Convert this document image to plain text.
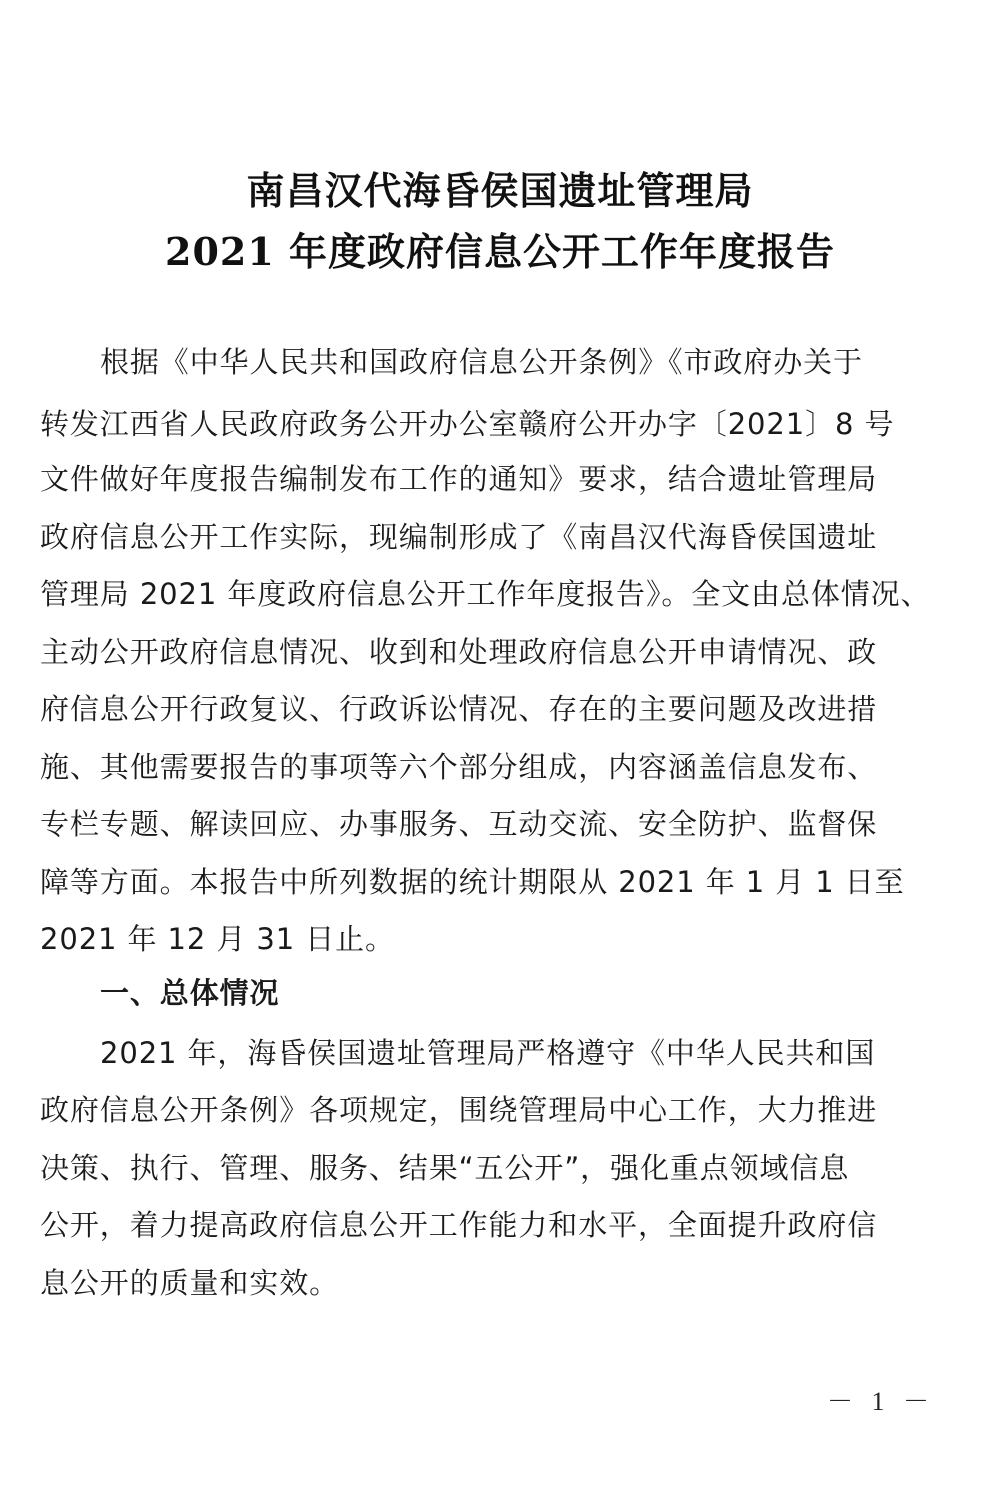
南昌汉代海昏侯国遗址管理局
2021 年度政府信息公开工作年度报告
根据《中华人民共和国政府信息公开条例》《市政府办关于
转发江西省人民政府政务公开办公室赣府公开办字〔2021〕8 号
文件做好年度报告编制发布工作的通知》要求，结合遗址管理局
政府信息公开工作实际，现编制形成了《南昌汉代海昏侯国遗址
管理局 2021 年度政府信息公开工作年度报告》。全文由总体情况、
主动公开政府信息情况、收到和处理政府信息公开申请情况、政
府信息公开行政复议、行政诉讼情况、存在的主要问题及改进措
施、其他需要报告的事项等六个部分组成，内容涵盖信息发布、
专栏专题、解读回应、办事服务、互动交流、安全防护、监督保
障等方面。本报告中所列数据的统计期限从 2021 年 1 月 1 日至
2021 年 12 月 31 日止。
一、总体情况
2021 年，海昏侯国遗址管理局严格遵守《中华人民共和国
政府信息公开条例》各项规定，围绕管理局中心工作，大力推进
决策、执行、管理、服务、结果“五公开”，强化重点领域信息
公开，着力提高政府信息公开工作能力和水平，全面提升政府信
息公开的质量和实效。
－ 1 －
